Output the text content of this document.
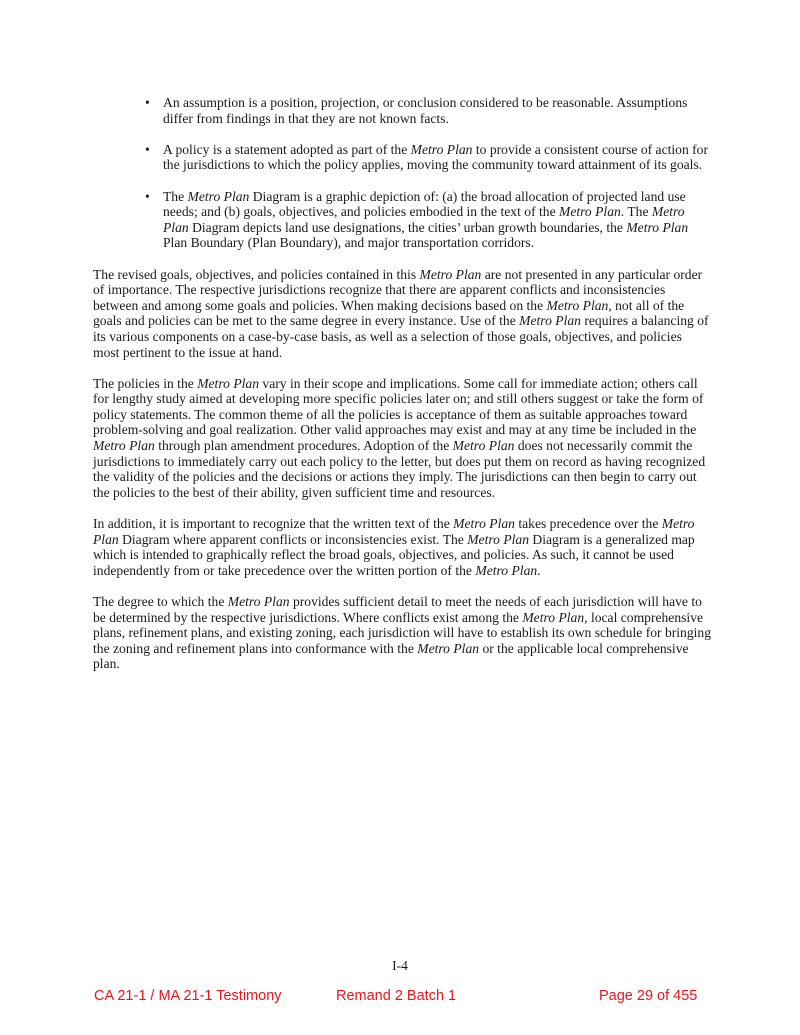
• An assumption is a position, projection, or conclusion considered to be reasonable. Assumptions differ from findings in that they are not known facts.
• A policy is a statement adopted as part of the Metro Plan to provide a consistent course of action for the jurisdictions to which the policy applies, moving the community toward attainment of its goals.
• The Metro Plan Diagram is a graphic depiction of: (a) the broad allocation of projected land use needs; and (b) goals, objectives, and policies embodied in the text of the Metro Plan. The Metro Plan Diagram depicts land use designations, the cities’ urban growth boundaries, the Metro Plan Plan Boundary (Plan Boundary), and major transportation corridors.

The revised goals, objectives, and policies contained in this Metro Plan are not presented in any particular order of importance. The respective jurisdictions recognize that there are apparent conflicts and inconsistencies between and among some goals and policies. When making decisions based on the Metro Plan, not all of the goals and policies can be met to the same degree in every instance. Use of the Metro Plan requires a balancing of its various components on a case-by-case basis, as well as a selection of those goals, objectives, and policies most pertinent to the issue at hand.

The policies in the Metro Plan vary in their scope and implications. Some call for immediate action; others call for lengthy study aimed at developing more specific policies later on; and still others suggest or take the form of policy statements. The common theme of all the policies is acceptance of them as suitable approaches toward problem-solving and goal realization. Other valid approaches may exist and may at any time be included in the Metro Plan through plan amendment procedures. Adoption of the Metro Plan does not necessarily commit the jurisdictions to immediately carry out each policy to the letter, but does put them on record as having recognized the validity of the policies and the decisions or actions they imply. The jurisdictions can then begin to carry out the policies to the best of their ability, given sufficient time and resources.

In addition, it is important to recognize that the written text of the Metro Plan takes precedence over the Metro Plan Diagram where apparent conflicts or inconsistencies exist. The Metro Plan Diagram is a generalized map which is intended to graphically reflect the broad goals, objectives, and policies. As such, it cannot be used independently from or take precedence over the written portion of the Metro Plan.

The degree to which the Metro Plan provides sufficient detail to meet the needs of each jurisdiction will have to be determined by the respective jurisdictions. Where conflicts exist among the Metro Plan, local comprehensive plans, refinement plans, and existing zoning, each jurisdiction will have to establish its own schedule for bringing the zoning and refinement plans into conformance with the Metro Plan or the applicable local comprehensive plan.

I-4
CA 21-1 / MA 21-1 Testimony	Remand 2 Batch 1	Page 29 of 455
